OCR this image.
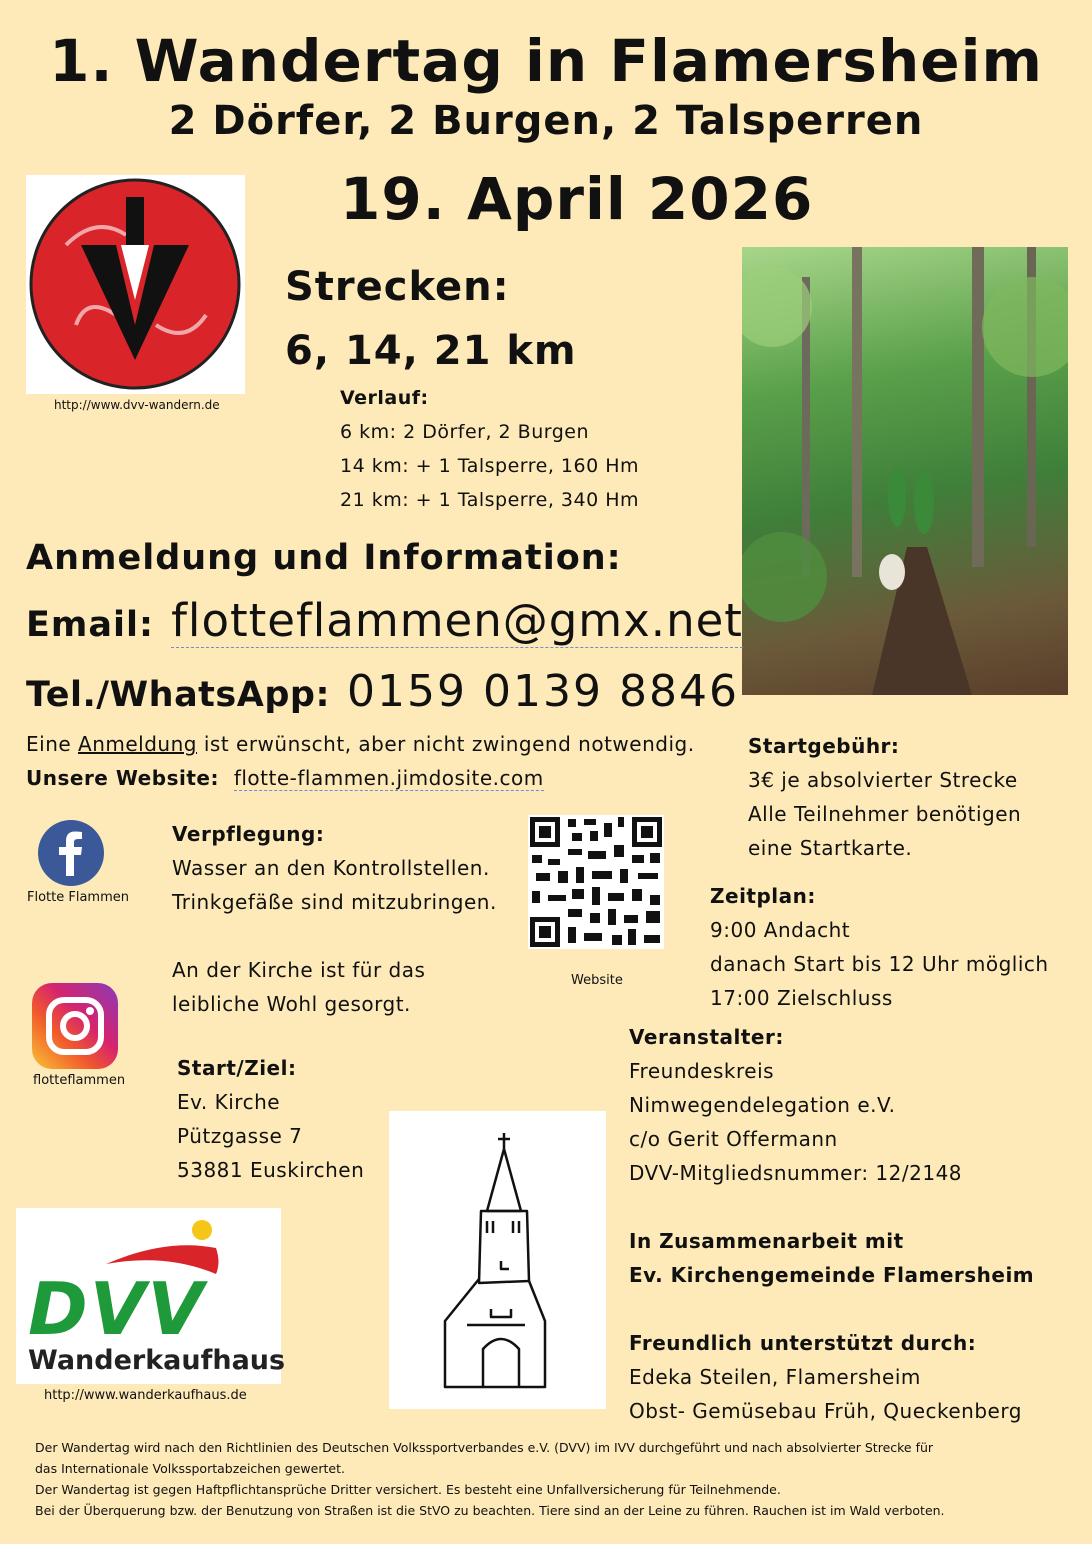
1. Wandertag in Flamersheim
2 Dörfer, 2 Burgen, 2 Talsperren
19. April 2026
http://www.dvv-wandern.de
Strecken:
6, 14, 21 km
Verlauf:
6 km: 2 Dörfer, 2 Burgen
14 km: + 1 Talsperre, 160 Hm
21 km: + 1 Talsperre, 340 Hm
Anmeldung und Information:
Email: flotteflammen@gmx.net
Tel./WhatsApp: 0159 0139 8846
Eine Anmeldung ist erwünscht, aber nicht zwingend notwendig.
Unsere Website: flotte-flammen.jimdosite.com
Startgebühr:
3€ je absolvierter Strecke
Alle Teilnehmer benötigen
eine Startkarte.
Flotte Flammen
flotteflammen
Verpflegung:
Wasser an den Kontrollstellen.
Trinkgefäße sind mitzubringen.

An der Kirche ist für das
leibliche Wohl gesorgt.
Website
Zeitplan:
9:00 Andacht
danach Start bis 12 Uhr möglich
17:00 Zielschluss
Start/Ziel:
Ev. Kirche
Pützgasse 7
53881 Euskirchen
Veranstalter:
Freundeskreis
Nimwegendelegation e.V.
c/o Gerit Offermann
DVV-Mitgliedsnummer: 12/2148

In Zusammenarbeit mit
Ev. Kirchengemeinde Flamersheim

Freundlich unterstützt durch:
Edeka Steilen, Flamersheim
Obst- Gemüsebau Früh, Queckenberg
DVV
Wanderkaufhaus
http://www.wanderkaufhaus.de
Der Wandertag wird nach den Richtlinien des Deutschen Volkssportverbandes e.V. (DVV) im IVV durchgeführt und nach absolvierter Strecke für
das Internationale Volkssportabzeichen gewertet.
Der Wandertag ist gegen Haftpflichtansprüche Dritter versichert. Es besteht eine Unfallversicherung für Teilnehmende.
Bei der Überquerung bzw. der Benutzung von Straßen ist die StVO zu beachten. Tiere sind an der Leine zu führen. Rauchen ist im Wald verboten.
